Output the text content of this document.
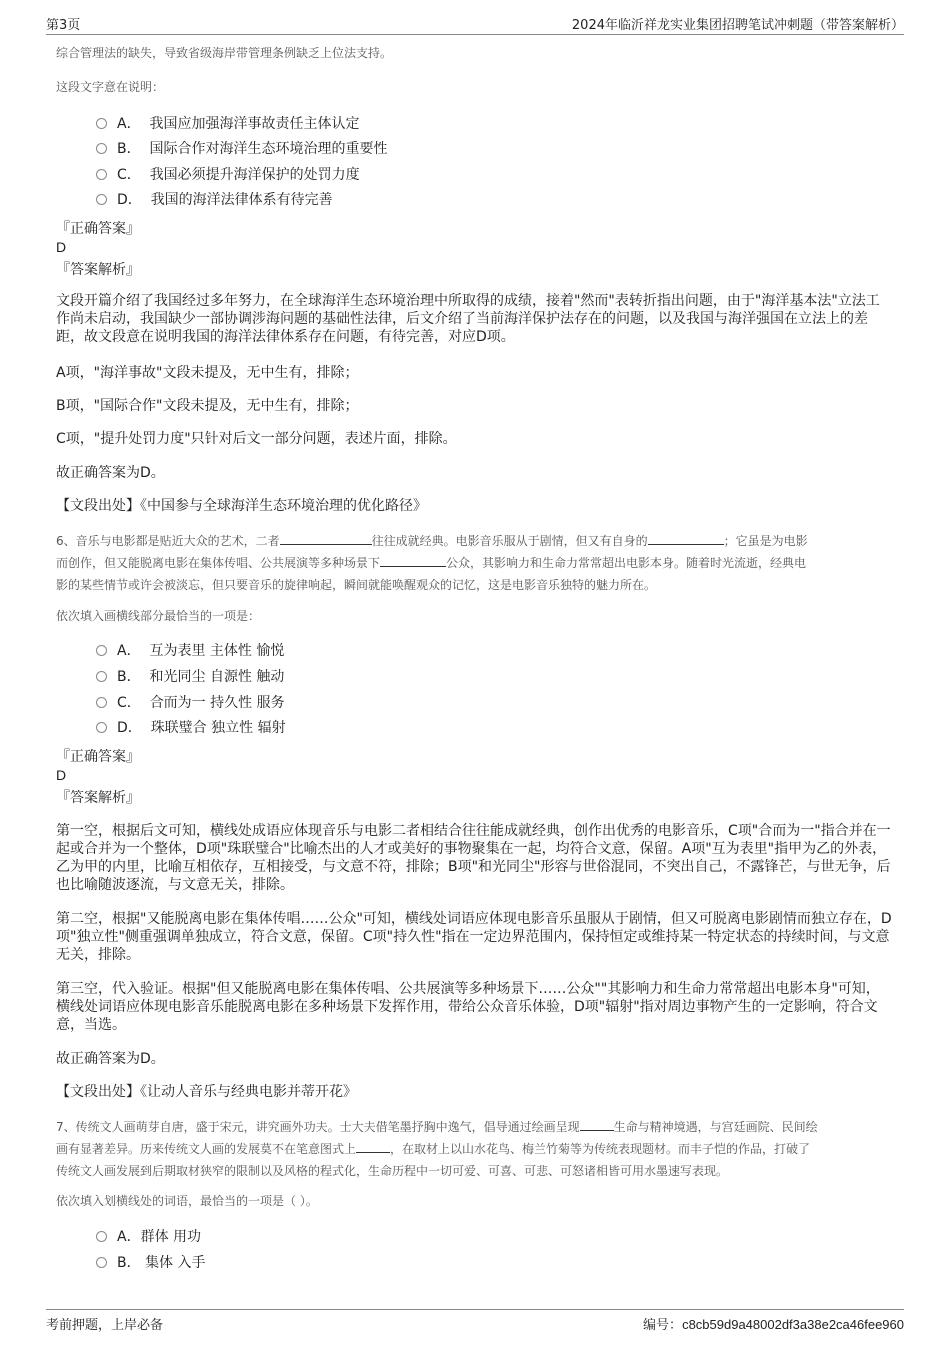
第3页	2024年临沂祥龙实业集团招聘笔试冲刺题（带答案解析）
综合管理法的缺失，导致省级海岸带管理条例缺乏上位法支持。
这段文字意在说明：
A． 我国应加强海洋事故责任主体认定
B． 国际合作对海洋生态环境治理的重要性
C． 我国必须提升海洋保护的处罚力度
D． 我国的海洋法律体系有待完善
『正确答案』
D
『答案解析』
文段开篇介绍了我国经过多年努力，在全球海洋生态环境治理中所取得的成绩，接着"然而"表转折指出问题，由于"海洋基本法"立法工作尚未启动，我国缺少一部协调涉海问题的基础性法律，后文介绍了当前海洋保护法存在的问题，以及我国与海洋强国在立法上的差距，故文段意在说明我国的海洋法律体系存在问题，有待完善，对应D项。
A项，"海洋事故"文段未提及，无中生有，排除；
B项，"国际合作"文段未提及，无中生有，排除；
C项，"提升处罚力度"只针对后文一部分问题，表述片面，排除。
故正确答案为D。
【文段出处】《中国参与全球海洋生态环境治理的优化路径》
6、音乐与电影都是贴近大众的艺术，二者	往往成就经典。电影音乐服从于剧情，但又有自身的	；它虽是为电影
而创作，但又能脱离电影在集体传唱、公共展演等多种场景下	公众，其影响力和生命力常常超出电影本身。随着时光流逝，经典电
影的某些情节或许会被淡忘，但只要音乐的旋律响起，瞬间就能唤醒观众的记忆，这是电影音乐独特的魅力所在。
依次填入画横线部分最恰当的一项是：
A． 互为表里 主体性 愉悦
B． 和光同尘 自源性 触动
C． 合而为一 持久性 服务
D． 珠联璧合 独立性 辐射
『正确答案』
D
『答案解析』
第一空，根据后文可知，横线处成语应体现音乐与电影二者相结合往往能成就经典，创作出优秀的电影音乐，C项"合而为一"指合并在一起或合并为一个整体，D项"珠联璧合"比喻杰出的人才或美好的事物聚集在一起，均符合文意，保留。A项"互为表里"指甲为乙的外表，乙为甲的内里，比喻互相依存，互相接受，与文意不符，排除；B项"和光同尘"形容与世俗混同，不突出自己，不露锋芒，与世无争，后也比喻随波逐流，与文意无关，排除。
第二空，根据"又能脱离电影在集体传唱……公众"可知，横线处词语应体现电影音乐虽服从于剧情，但又可脱离电影剧情而独立存在，D项"独立性"侧重强调单独成立，符合文意，保留。C项"持久性"指在一定边界范围内，保持恒定或维持某一特定状态的持续时间，与文意无关，排除。
第三空，代入验证。根据"但又能脱离电影在集体传唱、公共展演等多种场景下……公众""其影响力和生命力常常超出电影本身"可知，横线处词语应体现电影音乐能脱离电影在多种场景下发挥作用，带给公众音乐体验，D项"辐射"指对周边事物产生的一定影响，符合文意，当选。
故正确答案为D。
【文段出处】《让动人音乐与经典电影并蒂开花》
7、传统文人画萌芽自唐，盛于宋元，讲究画外功夫。士大夫借笔墨抒胸中逸气，倡导通过绘画呈现	生命与精神境遇，与宫廷画院、民间绘
画有显著差异。历来传统文人画的发展莫不在笔意图式上	，在取材上以山水花鸟、梅兰竹菊等为传统表现题材。而丰子恺的作品，打破了
传统文人画发展到后期取材狭窄的限制以及风格的程式化，生命历程中一切可爱、可喜、可悲、可怒诸相皆可用水墨速写表现。
依次填入划横线处的词语，最恰当的一项是（ ）。
A．群体 用功
B． 集体 入手
考前押题，上岸必备	编号：c8cb59d9a48002df3a38e2ca46fee960
